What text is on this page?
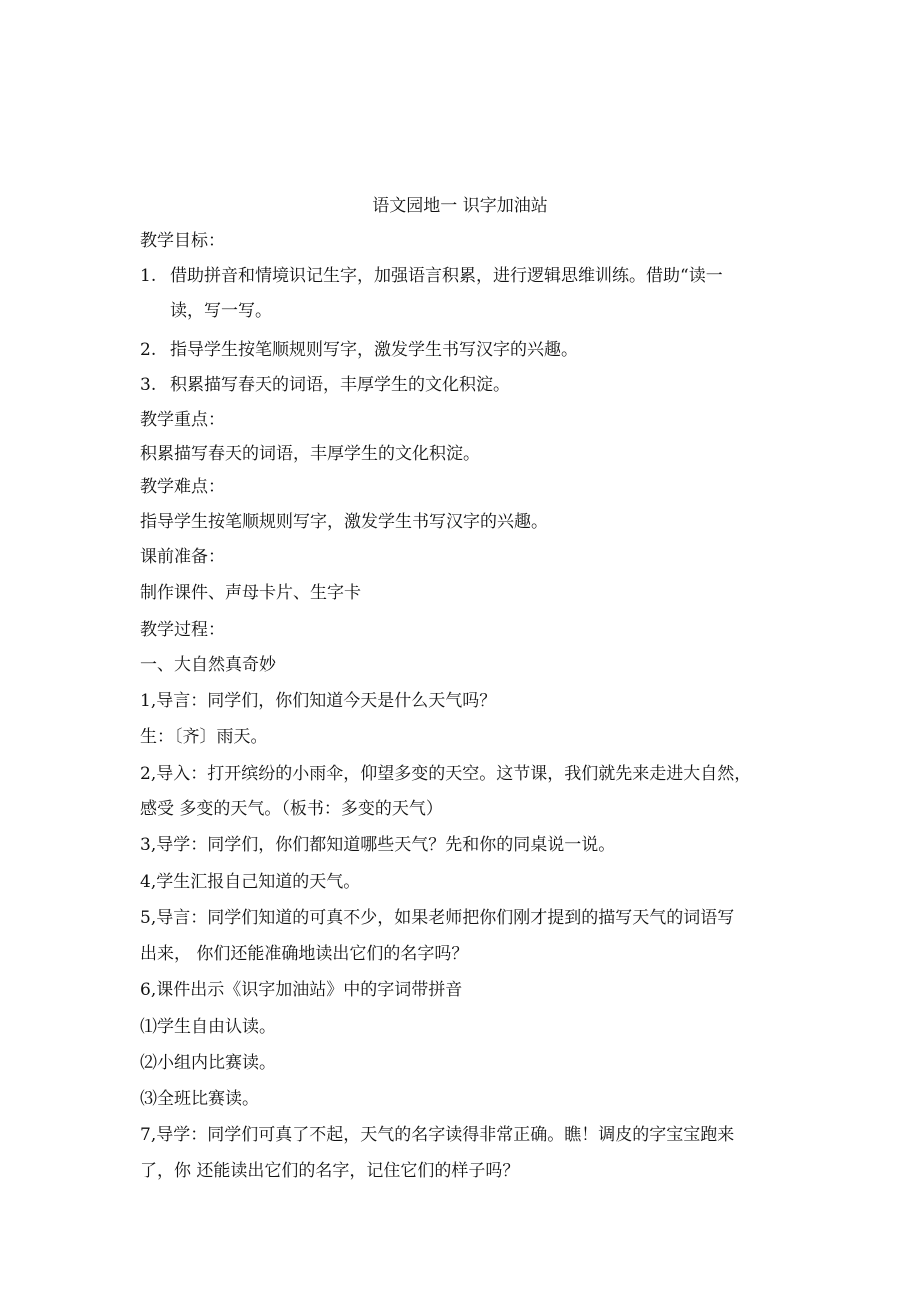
语文园地一 识字加油站
教学目标：
1. 借助拼音和情境识记生字，加强语言积累，进行逻辑思维训练。借助“读一
读，写一写。
2. 指导学生按笔顺规则写字，激发学生书写汉字的兴趣。
3. 积累描写春天的词语，丰厚学生的文化积淀。
教学重点：
积累描写春天的词语，丰厚学生的文化积淀。
教学难点：
指导学生按笔顺规则写字，激发学生书写汉字的兴趣。
课前准备：
制作课件、声母卡片、生字卡
教学过程：
一、大自然真奇妙
1,导言：同学们，你们知道今天是什么天气吗？
生：〔齐〕雨天。
2,导入：打开缤纷的小雨伞，仰望多变的天空。这节课，我们就先来走进大自然，
感受 多变的天气。（板书：多变的天气）
3,导学：同学们，你们都知道哪些天气？先和你的同桌说一说。
4,学生汇报自己知道的天气。
5,导言：同学们知道的可真不少，如果老师把你们刚才提到的描写天气的词语写
出来， 你们还能准确地读出它们的名字吗？
6,课件出示《识字加油站》中的字词带拼音
⑴学生自由认读。
⑵小组内比赛读。
⑶全班比赛读。
7,导学：同学们可真了不起，天气的名字读得非常正确。瞧！调皮的字宝宝跑来
了，你 还能读出它们的名字，记住它们的样子吗？
